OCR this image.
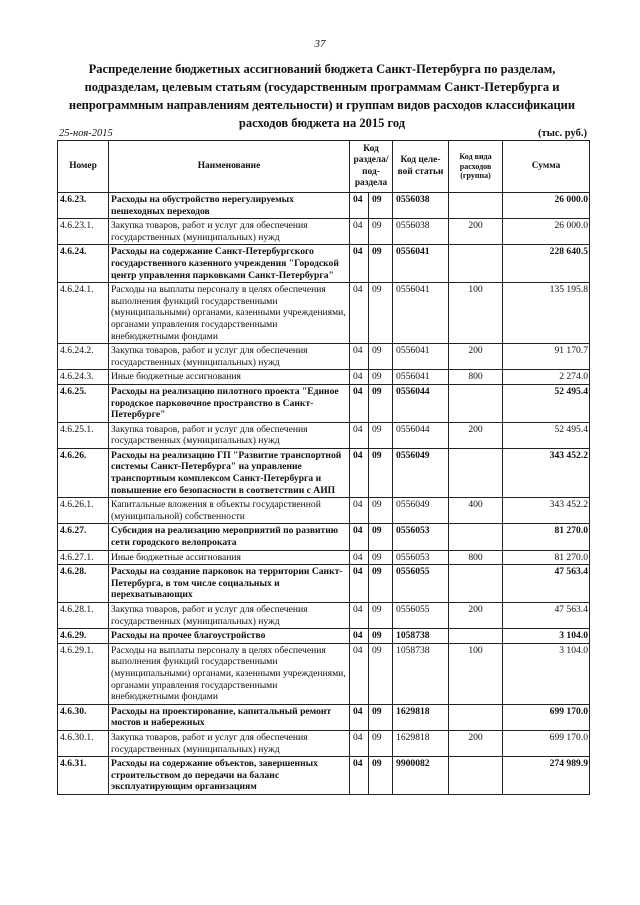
37
Распределение бюджетных ассигнований бюджета Санкт-Петербурга по разделам, подразделам, целевым статьям (государственным программам Санкт-Петербурга и непрограммным направлениям деятельности) и группам видов расходов классификации расходов бюджета на 2015 год
25-ноя-2015	(тыс. руб.)
Номер	Наименование	Код раздела/ под- раздела		Код целе- вой статьи	Код вида расходов (группа)	Сумма
4.6.23.	Расходы на обустройство нерегулируемых пешеходных переходов	04	09	0556038		26 000.0
4.6.23.1.	Закупка товаров, работ и услуг для обеспечения государственных (муниципальных) нужд	04	09	0556038	200	26 000.0
4.6.24.	Расходы на содержание Санкт-Петербургского государственного казенного учреждения "Городской центр управления парковками Санкт-Петербурга"	04	09	0556041		228 640.5
4.6.24.1.	Расходы на выплаты персоналу в целях обеспечения выполнения функций государственными (муниципальными) органами, казенными учреждениями, органами управления государственными внебюджетными фондами	04	09	0556041	100	135 195.8
4.6.24.2.	Закупка товаров, работ и услуг для обеспечения государственных (муниципальных) нужд	04	09	0556041	200	91 170.7
4.6.24.3.	Иные бюджетные ассигнования	04	09	0556041	800	2 274.0
4.6.25.	Расходы на реализацию пилотного проекта "Единое городское парковочное пространство в Санкт-Петербурге"	04	09	0556044		52 495.4
4.6.25.1.	Закупка товаров, работ и услуг для обеспечения государственных (муниципальных) нужд	04	09	0556044	200	52 495.4
4.6.26.	Расходы на реализацию ГП "Развитие транспортной системы Санкт-Петербурга" на управление транспортным комплексом Санкт-Петербурга и повышение его безопасности в соответствии с АИП	04	09	0556049		343 452.2
4.6.26.1.	Капитальные вложения в объекты государственной (муниципальной) собственности	04	09	0556049	400	343 452.2
4.6.27.	Субсидия на реализацию мероприятий по развитию сети городского велопроката	04	09	0556053		81 270.0
4.6.27.1.	Иные бюджетные ассигнования	04	09	0556053	800	81 270.0
4.6.28.	Расходы на создание парковок на территории Санкт-Петербурга, в том числе социальных и перехватывающих	04	09	0556055		47 563.4
4.6.28.1.	Закупка товаров, работ и услуг для обеспечения государственных (муниципальных) нужд	04	09	0556055	200	47 563.4
4.6.29.	Расходы на прочее благоустройство	04	09	1058738		3 104.0
4.6.29.1.	Расходы на выплаты персоналу в целях обеспечения выполнения функций государственными (муниципальными) органами, казенными учреждениями, органами управления государственными внебюджетными фондами	04	09	1058738	100	3 104.0
4.6.30.	Расходы на проектирование, капитальный ремонт мостов и набережных	04	09	1629818		699 170.0
4.6.30.1.	Закупка товаров, работ и услуг для обеспечения государственных (муниципальных) нужд	04	09	1629818	200	699 170.0
4.6.31.	Расходы на содержание объектов, завершенных строительством до передачи на баланс эксплуатирующим организациям	04	09	9900082		274 989.9
